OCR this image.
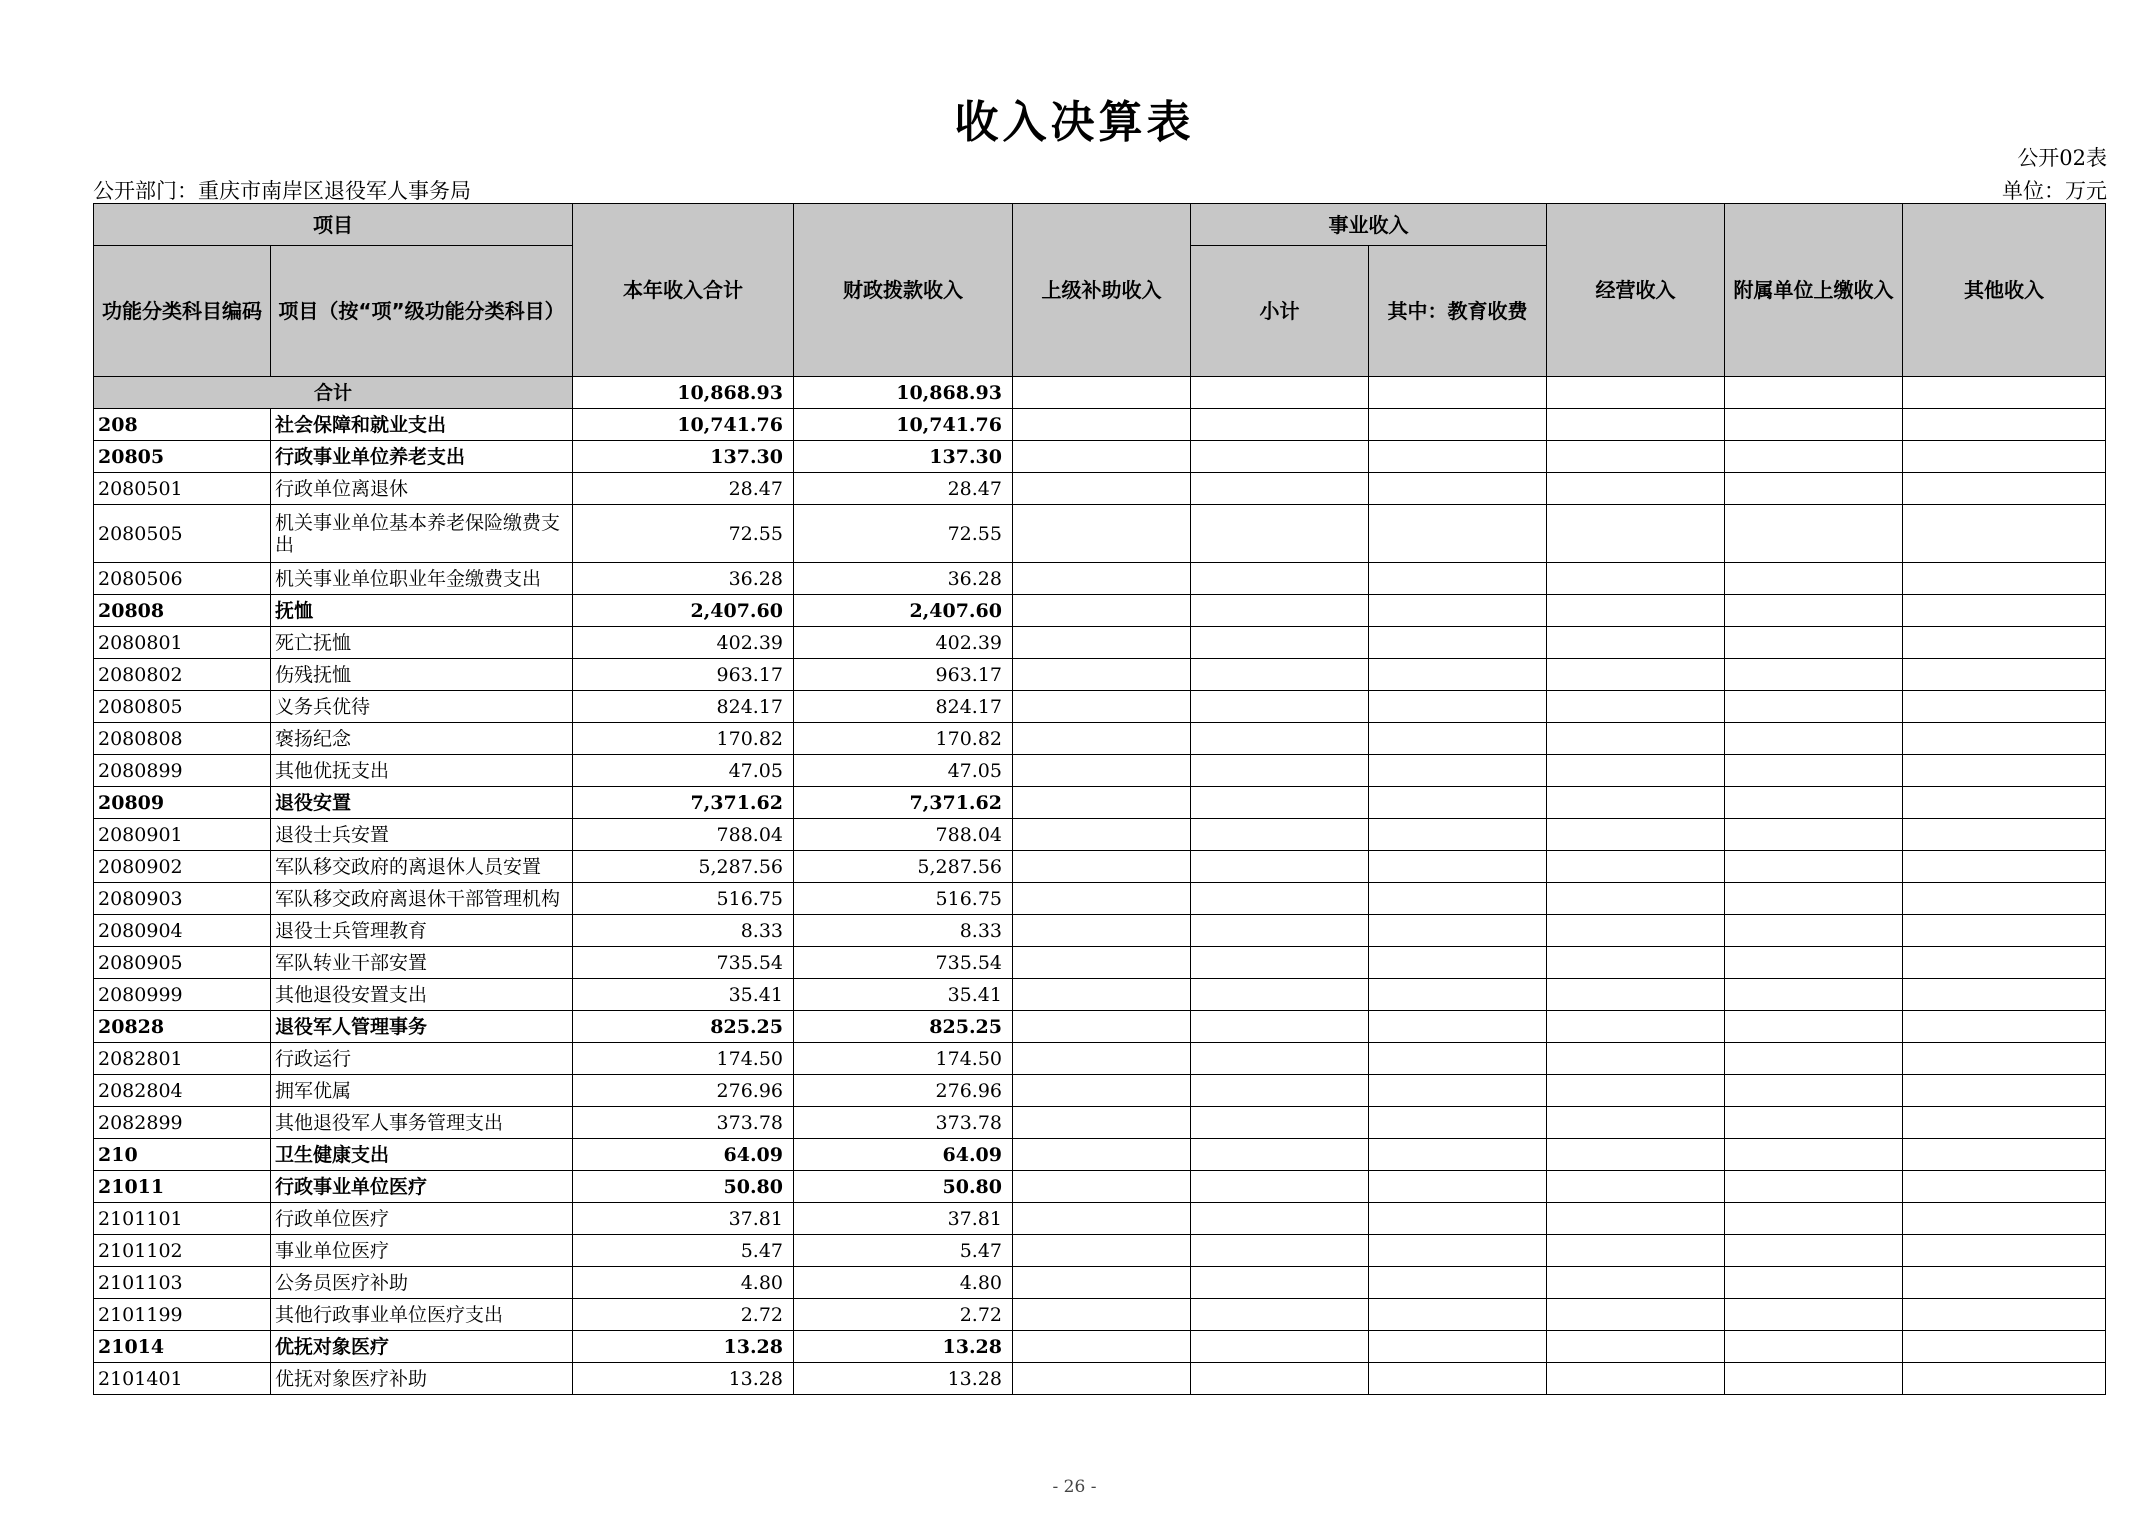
收入决算表
公开02表
公开部门：重庆市南岸区退役军人事务局	单位：万元
项目		本年收入合计	财政拨款收入	上级补助收入	事业收入		经营收入	附属单位上缴收入	其他收入
功能分类科目编码	项目（按“项”级功能分类科目）				小计	其中：教育收费			
合计		10,868.93	10,868.93						
208	社会保障和就业支出	10,741.76	10,741.76						
20805	行政事业单位养老支出	137.30	137.30						
2080501	行政单位离退休	28.47	28.47						
2080505	机关事业单位基本养老保险缴费支出	72.55	72.55						
2080506	机关事业单位职业年金缴费支出	36.28	36.28						
20808	抚恤	2,407.60	2,407.60						
2080801	死亡抚恤	402.39	402.39						
2080802	伤残抚恤	963.17	963.17						
2080805	义务兵优待	824.17	824.17						
2080808	褒扬纪念	170.82	170.82						
2080899	其他优抚支出	47.05	47.05						
20809	退役安置	7,371.62	7,371.62						
2080901	退役士兵安置	788.04	788.04						
2080902	军队移交政府的离退休人员安置	5,287.56	5,287.56						
2080903	军队移交政府离退休干部管理机构	516.75	516.75						
2080904	退役士兵管理教育	8.33	8.33						
2080905	军队转业干部安置	735.54	735.54						
2080999	其他退役安置支出	35.41	35.41						
20828	退役军人管理事务	825.25	825.25						
2082801	行政运行	174.50	174.50						
2082804	拥军优属	276.96	276.96						
2082899	其他退役军人事务管理支出	373.78	373.78						
210	卫生健康支出	64.09	64.09						
21011	行政事业单位医疗	50.80	50.80						
2101101	行政单位医疗	37.81	37.81						
2101102	事业单位医疗	5.47	5.47						
2101103	公务员医疗补助	4.80	4.80						
2101199	其他行政事业单位医疗支出	2.72	2.72						
21014	优抚对象医疗	13.28	13.28						
2101401	优抚对象医疗补助	13.28	13.28						
- 26 -
